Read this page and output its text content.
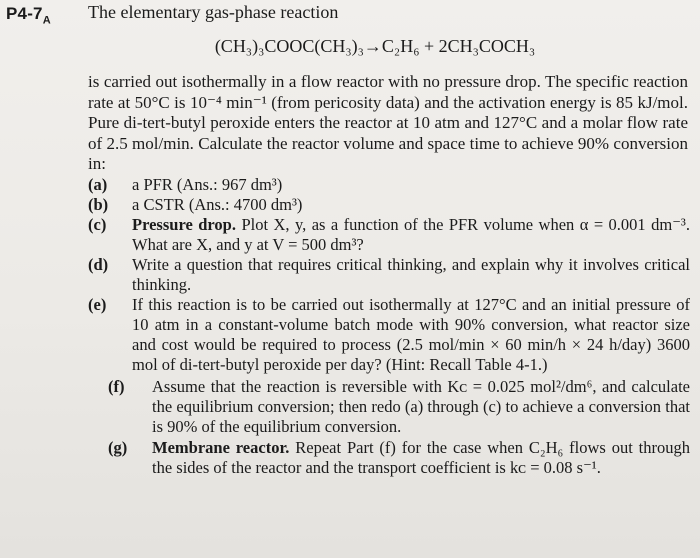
$P4-7_A$ The elementary gas-phase reaction
(CH₃)₃COOC(CH₃)₃→C₂H₆ + 2CH₃COCH₃
is carried out isothermally in a flow reactor with no pressure drop. The specific reaction rate at 50°C is 10⁻⁴ min⁻¹ (from pericosity data) and the activation energy is 85 kJ/mol. Pure di-tert-butyl peroxide enters the reactor at 10 atm and 127°C and a molar flow rate of 2.5 mol/min. Calculate the reactor volume and space time to achieve 90% conversion in:
(a)	a PFR (Ans.: 967 dm³)
(b)	a CSTR (Ans.: 4700 dm³)
(c)	Pressure drop. Plot X, y, as a function of the PFR volume when α = 0.001 dm⁻³. What are X, and y at V = 500 dm³?
(d)	Write a question that requires critical thinking, and explain why it involves critical thinking.
(e)	If this reaction is to be carried out isothermally at 127°C and an initial pressure of 10 atm in a constant-volume batch mode with 90% conversion, what reactor size and cost would be required to process (2.5 mol/min × 60 min/h × 24 h/day) 3600 mol of di-tert-butyl peroxide per day? (Hint: Recall Table 4-1.)
(f)	Assume that the reaction is reversible with Kᴄ = 0.025 mol²/dm⁶, and calculate the equilibrium conversion; then redo (a) through (c) to achieve a conversion that is 90% of the equilibrium conversion.
(g)	Membrane reactor. Repeat Part (f) for the case when C₂H₆ flows out through the sides of the reactor and the transport coefficient is kᴄ = 0.08 s⁻¹.
